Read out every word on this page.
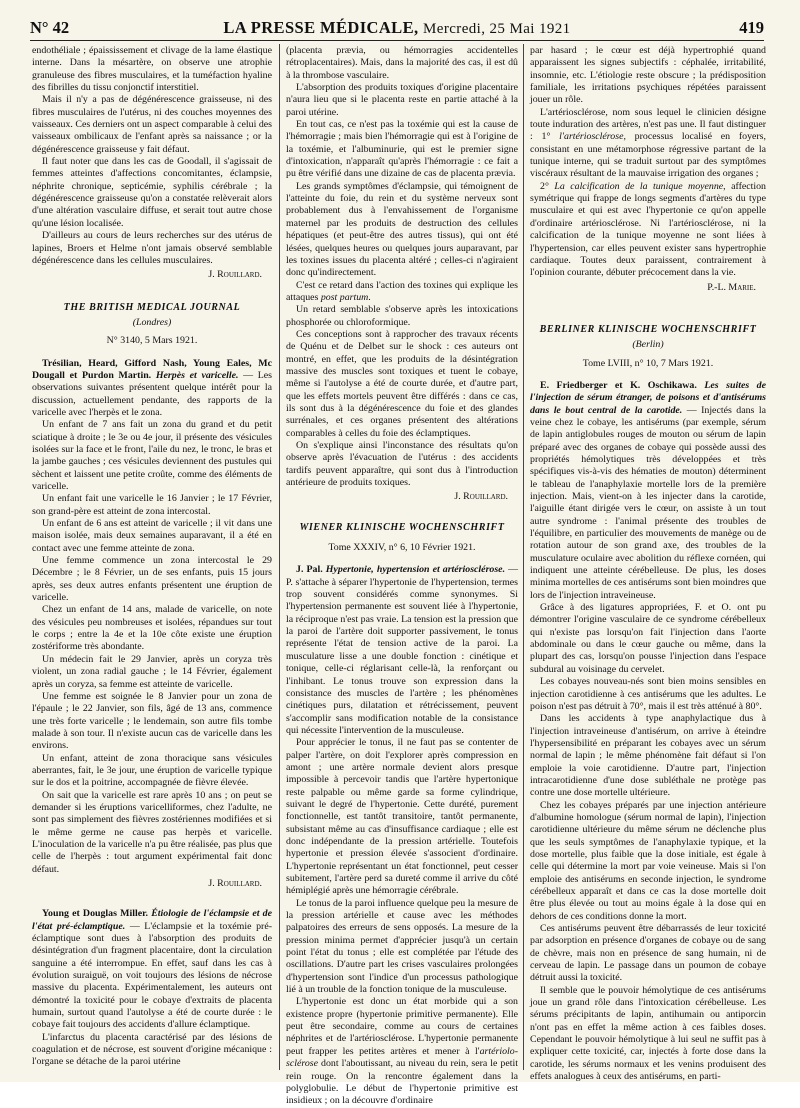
N° 42	LA PRESSE MÉDICALE, Mercredi, 25 Mai 1921	419

endothéliale ; épaississement et clivage de la lame élastique interne. Dans la mésartère, on observe une atrophie granuleuse des fibres musculaires, et la tuméfaction hyaline des fibrilles du tissu conjonctif interstitiel.

Mais il n'y a pas de dégénérescence graisseuse, ni des fibres musculaires de l'utérus, ni des couches moyennes des vaisseaux. Ces derniers ont un aspect comparable à celui des vaisseaux ombilicaux de l'enfant après sa naissance ; or la dégénérescence graisseuse y fait défaut.

Il faut noter que dans les cas de Goodall, il s'agissait de femmes atteintes d'affections concomitantes, éclampsie, néphrite chronique, septicémie, syphilis cérébrale ; la dégénérescence graisseuse qu'on a constatée relèverait alors d'une altération vasculaire diffuse, et serait tout autre chose qu'une lésion localisée.

D'ailleurs au cours de leurs recherches sur des utérus de lapines, Broers et Helme n'ont jamais observé semblable dégénérescence dans les cellules musculaires.

J. Rouillard.
THE BRITISH MEDICAL JOURNAL
(Londres)
N° 3140, 5 Mars 1921.

Trésilian, Heard, Gifford Nash, Young Eales, Mc Dougall et Purdon Martin. Herpès et varicelle. — Les observations suivantes présentent quelque intérêt pour la discussion, actuellement pendante, des rapports de la varicelle avec l'herpès et le zona.

Un enfant de 7 ans fait un zona du grand et du petit sciatique à droite ; le 3e ou 4e jour, il présente des vésicules isolées sur la face et le front, l'aile du nez, le tronc, le bras et la jambe gauches ; ces vésicules deviennent des pustules qui sèchent et laissent une petite croûte, comme des éléments de varicelle.

Un enfant fait une varicelle le 16 Janvier ; le 17 Février, son grand-père est atteint de zona intercostal.

Un enfant de 6 ans est atteint de varicelle ; il vit dans une maison isolée, mais deux semaines auparavant, il a été en contact avec une femme atteinte de zona.

Une femme commence un zona intercostal le 29 Décembre ; le 8 Février, un de ses enfants, puis 15 jours après, ses deux autres enfants présentent une éruption de varicelle.

Chez un enfant de 14 ans, malade de varicelle, on note des vésicules peu nombreuses et isolées, répandues sur tout le corps ; entre la 4e et la 10e côte existe une éruption zostériforme très abondante.

Un médecin fait le 29 Janvier, après un coryza très violent, un zona radial gauche ; le 14 Février, également après un coryza, sa femme est atteinte de varicelle.

Une femme est soignée le 8 Janvier pour un zona de l'épaule ; le 22 Janvier, son fils, âgé de 13 ans, commence une très forte varicelle ; le lendemain, son autre fils tombe malade à son tour. Il n'existe aucun cas de varicelle dans les environs.

Un enfant, atteint de zona thoracique sans vésicules aberrantes, fait, le 3e jour, une éruption de varicelle typique sur le dos et la poitrine, accompagnée de fièvre élevée.

On sait que la varicelle est rare après 10 ans ; on peut se demander si les éruptions varicelliformes, chez l'adulte, ne sont pas simplement des fièvres zostériennes modifiées et si le même germe ne cause pas herpès et varicelle. L'inoculation de la varicelle n'a pu être réalisée, pas plus que celle de l'herpès : tout argument expérimental fait donc défaut.

J. Rouillard.

Young et Douglas Miller. Étiologie de l'éclampsie et de l'état pré-éclamptique. — L'éclampsie et la toxémie pré-éclamptique sont dues à l'absorption des produits de désintégration d'un fragment placentaire, dont la circulation sanguine a été interrompue. En effet, sauf dans les cas à évolution suraiguë, on voit toujours des lésions de nécrose massive du placenta. Expérimentalement, les auteurs ont démontré la toxicité pour le cobaye d'extraits de placenta humain, surtout quand l'autolyse a été de courte durée : le cobaye fait toujours des accidents d'allure éclamptique.

L'infarctus du placenta caractérisé par des lésions de coagulation et de nécrose, est souvent d'origine mécanique : l'organe se détache de la paroi utérine

(placenta prævia, ou hémorragies accidentelles rétroplacentaires). Mais, dans la majorité des cas, il est dû à la thrombose vasculaire.

L'absorption des produits toxiques d'origine placentaire n'aura lieu que si le placenta reste en partie attaché à la paroi utérine.

En tout cas, ce n'est pas la toxémie qui est la cause de l'hémorragie ; mais bien l'hémorragie qui est à l'origine de la toxémie, et l'albuminurie, qui est le premier signe d'intoxication, n'apparaît qu'après l'hémorragie : ce fait a pu être vérifié dans une dizaine de cas de placenta prævia.

Les grands symptômes d'éclampsie, qui témoignent de l'atteinte du foie, du rein et du système nerveux sont probablement dus à l'envahissement de l'organisme maternel par les produits de destruction des cellules hépatiques (et peut-être des autres tissus), qui ont été lésées, quelques heures ou quelques jours auparavant, par les toxines issues du placenta altéré ; celles-ci n'agiraient donc qu'indirectement.

C'est ce retard dans l'action des toxines qui explique les attaques post partum.

Un retard semblable s'observe après les intoxications phosphorée ou chloroformique.

Ces conceptions sont à rapprocher des travaux récents de Quénu et de Delbet sur le shock : ces auteurs ont montré, en effet, que les produits de la désintégration massive des muscles sont toxiques et tuent le cobaye, même si l'autolyse a été de courte durée, et d'autre part, que les effets mortels peuvent être différés : dans ce cas, ils sont dus à la dégénérescence du foie et des glandes surrénales, et ces organes présentent des altérations comparables à celles du foie des éclamptiques.

On s'explique ainsi l'inconstance des résultats qu'on observe après l'évacuation de l'utérus : des accidents tardifs peuvent apparaître, qui sont dus à l'introduction antérieure de produits toxiques.

J. Rouillard.
WIENER KLINISCHE WOCHENSCHRIFT
Tome XXXIV, n° 6, 10 Février 1921.

J. Pal. Hypertonie, hypertension et artériosclérose. — P. s'attache à séparer l'hypertonie de l'hypertension, termes trop souvent considérés comme synonymes. Si l'hypertension permanente est souvent liée à l'hypertonie, la réciproque n'est pas vraie. La tension est la pression que la paroi de l'artère doit supporter passivement, le tonus représente l'état de tension active de la paroi. La musculature lisse a une double fonction : cinétique et tonique, celle-ci réglarisant celle-là, la renforçant ou l'inhibant. Le tonus trouve son expression dans la consistance des muscles de l'artère ; les phénomènes cinétiques purs, dilatation et rétrécissement, peuvent s'accomplir sans modification notable de la consistance qui nécessite l'intervention de la musculeuse.

Pour apprécier le tonus, il ne faut pas se contenter de palper l'artère, on doit l'explorer après compression en amont ; une artère normale devient alors presque impossible à percevoir tandis que l'artère hypertonique reste palpable ou même garde sa forme cylindrique, suivant le degré de l'hypertonie. Cette durété, purement fonctionnelle, est tantôt transitoire, tantôt permanente, subsistant même au cas d'insuffisance cardiaque ; elle est donc indépendante de la pression artérielle. Toutefois hypertonie et pression élevée s'associent d'ordinaire. L'hypertonie représentant un état fonctionnel, peut cesser subitement, l'artère perd sa dureté comme il arrive du côté hémiplégié après une hémorragie cérébrale.

Le tonus de la paroi influence quelque peu la mesure de la pression artérielle et cause avec les méthodes palpatoires des erreurs de sens opposés. La mesure de la pression minima permet d'apprécier jusqu'à un certain point l'état du tonus ; elle est complétée par l'étude des oscillations. D'autre part les crises vasculaires prolongées d'hypertension sont l'indice d'un processus pathologique lié à un trouble de la fonction tonique de la musculeuse.

L'hypertonie est donc un état morbide qui a son existence propre (hypertonie primitive permanente). Elle peut être secondaire, comme au cours de certaines néphrites et de l'artériosclérose. L'hypertonie permanente peut frapper les petites artères et mener à l'artériolo-sclérose dont l'aboutissant, au niveau du rein, sera le petit rein rouge. On la rencontre également dans la polyglobulie. Le début de l'hypertonie primitive est insidieux ; on la découvre d'ordinaire

par hasard ; le cœur est déjà hypertrophié quand apparaissent les signes subjectifs : céphalée, irritabilité, insomnie, etc. L'étiologie reste obscure ; la prédisposition familiale, les irritations psychiques répétées paraissent jouer un rôle.

L'artériosclérose, nom sous lequel le clinicien désigne toute induration des artères, n'est pas une. Il faut distinguer : 1° l'artériosclérose, processus localisé en foyers, consistant en une métamorphose régressive partant de la tunique interne, qui se traduit surtout par des symptômes viscéraux résultant de la mauvaise irrigation des organes ;

2° La calcification de la tunique moyenne, affection symétrique qui frappe de longs segments d'artères du type musculaire et qui est avec l'hypertonie ce qu'on appelle d'ordinaire artériosclérose. Ni l'artériosclérose, ni la calcification de la tunique moyenne ne sont liées à l'hypertension, car elles peuvent exister sans hypertrophie cardiaque. Toutes deux paraissent, contrairement à l'opinion courante, débuter précocement dans la vie.

P.-L. Marie.
BERLINER KLINISCHE WOCHENSCHRIFT
(Berlin)
Tome LVIII, n° 10, 7 Mars 1921.

E. Friedberger et K. Oschikawa. Les suites de l'injection de sérum étranger, de poisons et d'antisérums dans le bout central de la carotide. — Injectés dans la veine chez le cobaye, les antisérums (par exemple, sérum de lapin antiglobules rouges de mouton ou sérum de lapin préparé avec des organes de cobaye qui possède aussi des propriétés hémolytiques très développées et très spécifiques vis-à-vis des hématies de mouton) déterminent le tableau de l'anaphylaxie mortelle lors de la première injection. Mais, vient-on à les injecter dans la carotide, l'aiguille étant dirigée vers le cœur, on assiste à un tout autre syndrome : l'animal présente des troubles de l'équilibre, en particulier des mouvements de manège ou de rotation autour de son grand axe, des troubles de la musculature oculaire avec abolition du réflexe cornéen, qui indiquent une atteinte cérébelleuse. De plus, les doses minima mortelles de ces antisérums sont bien moindres que lors de l'injection intraveineuse.

Grâce à des ligatures appropriées, F. et O. ont pu démontrer l'origine vasculaire de ce syndrome cérébelleux qui n'existe pas lorsqu'on fait l'injection dans l'aorte abdominale ou dans le cœur gauche ou même, dans la plupart des cas, lorsqu'on pousse l'injection dans l'espace subdural au voisinage du cervelet.

Les cobayes nouveau-nés sont bien moins sensibles en injection carotidienne à ces antisérums que les adultes. Le poison n'est pas détruit à 70°, mais il est très atténué à 80°.

Dans les accidents à type anaphylactique dus à l'injection intraveineuse d'antisérum, on arrive à éteindre l'hypersensibilité en préparant les cobayes avec un sérum normal de lapin ; le même phénomène fait défaut si l'on emploie la voie carotidienne. D'autre part, l'injection intracarotidienne d'une dose subléthale ne protège pas contre une dose mortelle ultérieure.

Chez les cobayes préparés par une injection antérieure d'albumine homologue (sérum normal de lapin), l'injection carotidienne ultérieure du même sérum ne déclenche plus que les seuls symptômes de l'anaphylaxie typique, et la dose mortelle, plus faible que la dose initiale, est égale à celle qui détermine la mort par voie veineuse. Mais si l'on emploie des antisérums en seconde injection, le syndrome cérébelleux apparaît et dans ce cas la dose mortelle doit être plus élevée ou tout au moins égale à la dose qui en dehors de ces conditions donne la mort.

Ces antisérums peuvent être débarrassés de leur toxicité par adsorption en présence d'organes de cobaye ou de sang de chèvre, mais non en présence de sang humain, ni de cerveau de lapin. Le passage dans un poumon de cobaye détruit aussi la toxicité.

Il semble que le pouvoir hémolytique de ces antisérums joue un grand rôle dans l'intoxication cérébelleuse. Les sérums précipitants de lapin, antihumain ou antiporcin n'ont pas en effet la même action à ces faibles doses. Cependant le pouvoir hémolytique à lui seul ne suffit pas à expliquer cette toxicité, car, injectés à forte dose dans la carotide, les sérums normaux et les venins produisent des effets analogues à ceux des antisérums, en parti-
